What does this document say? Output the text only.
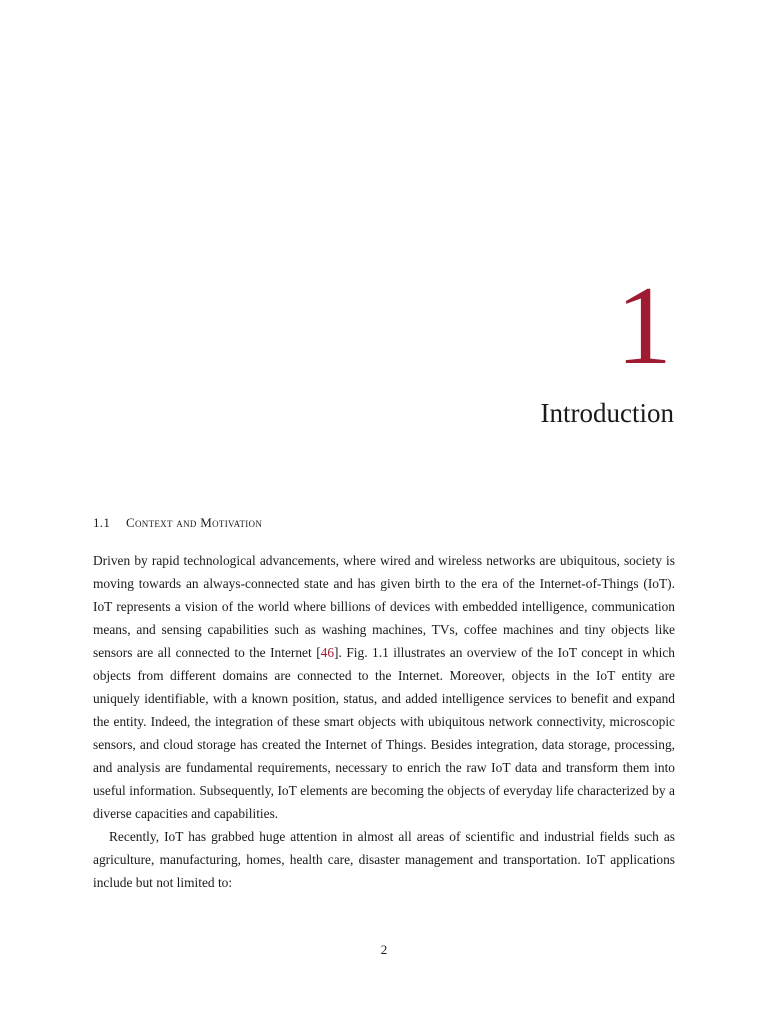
1
Introduction
1.1 Context and Motivation

Driven by rapid technological advancements, where wired and wireless networks are ubiquitous, society is moving towards an always-connected state and has given birth to the era of the Internet-of-Things (IoT). IoT represents a vision of the world where billions of devices with embedded intelligence, communication means, and sensing capabilities such as washing machines, TVs, coffee machines and tiny objects like sensors are all connected to the Internet [46]. Fig. 1.1 illustrates an overview of the IoT concept in which objects from different domains are connected to the Internet. Moreover, objects in the IoT entity are uniquely identifiable, with a known position, status, and added intelligence services to benefit and expand the entity. Indeed, the integration of these smart objects with ubiquitous network connectivity, microscopic sensors, and cloud storage has created the Internet of Things. Besides integration, data storage, processing, and analysis are fundamental requirements, necessary to enrich the raw IoT data and transform them into useful information. Subsequently, IoT elements are becoming the objects of everyday life characterized by a diverse capacities and capabilities.

Recently, IoT has grabbed huge attention in almost all areas of scientific and industrial fields such as agriculture, manufacturing, homes, health care, disaster management and transportation. IoT applications include but not limited to:

2
